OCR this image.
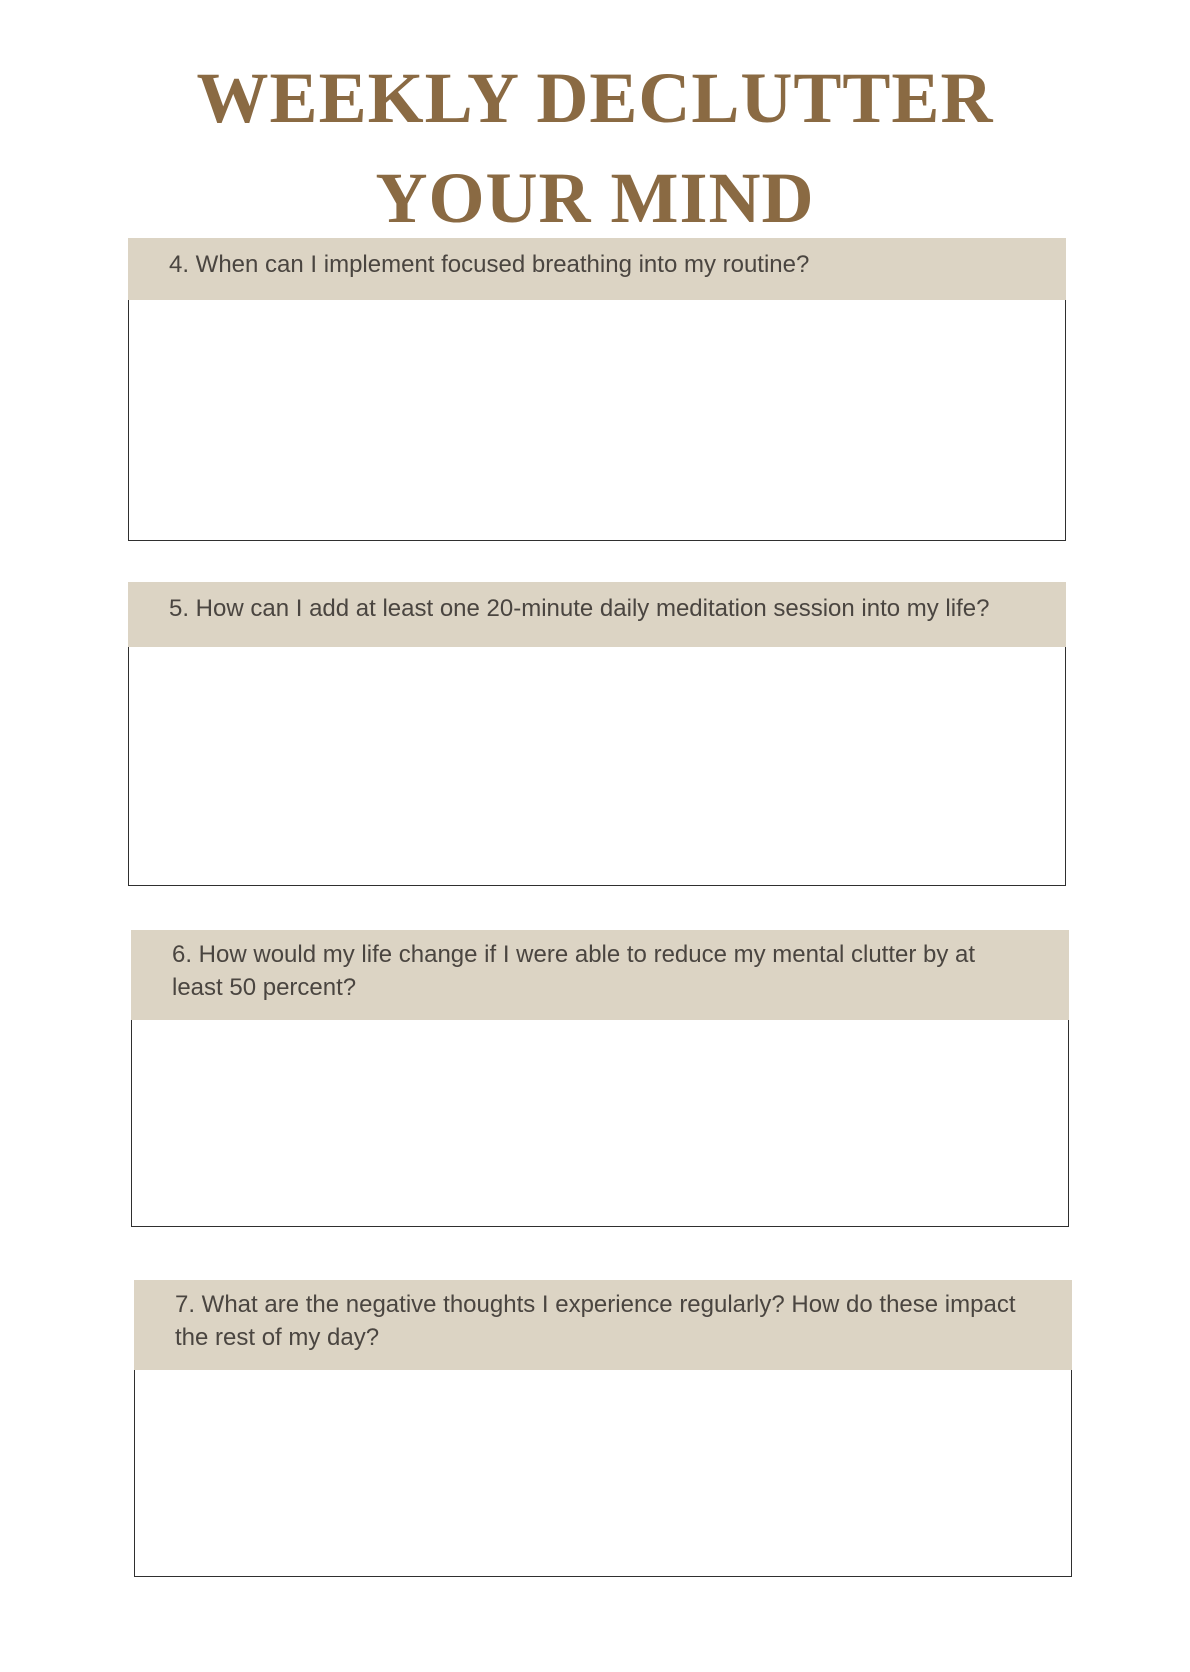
WEEKLY DECLUTTER
YOUR MIND
4. When can I implement focused breathing into my routine?
5. How can I add at least one 20-minute daily meditation session into my life?
6. How would my life change if I were able to reduce my mental clutter by at least 50 percent?
7. What are the negative thoughts I experience regularly? How do these impact the rest of my day?
